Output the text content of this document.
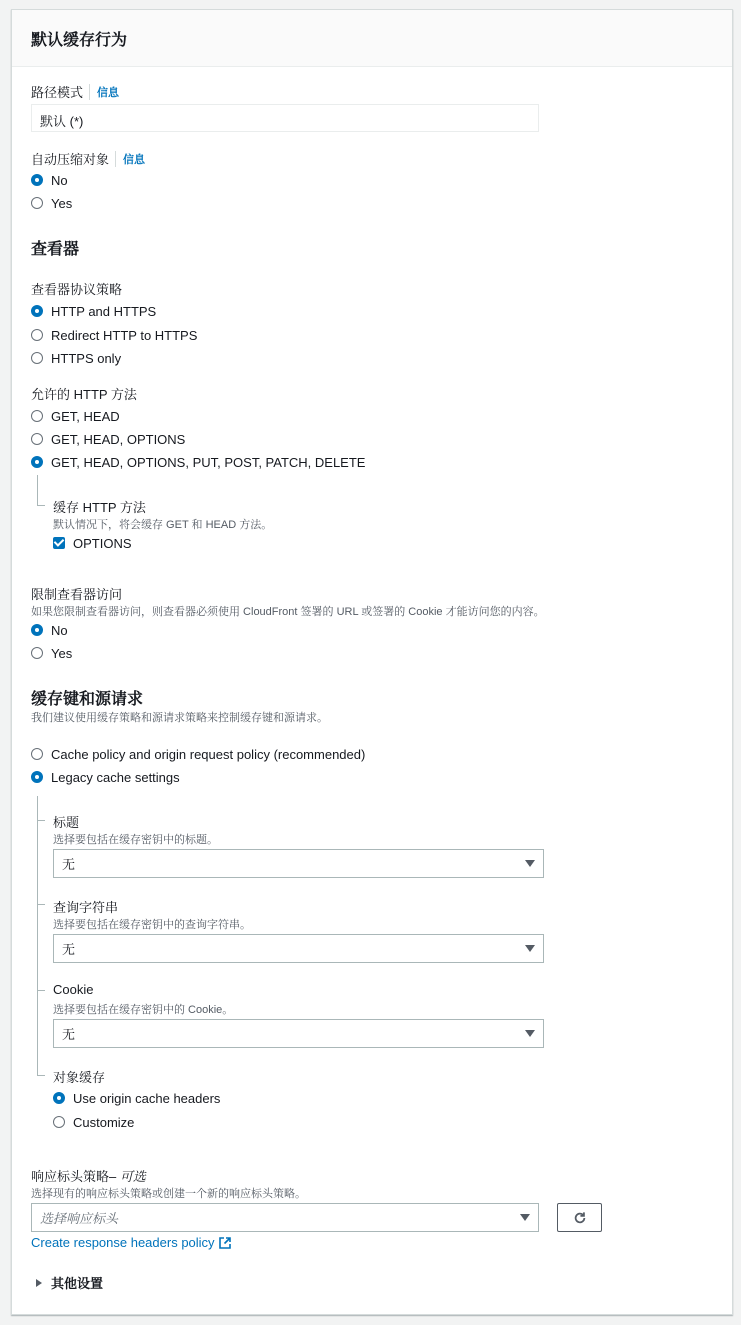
默认缓存行为
路径模式	信息
默认 (*)
自动压缩对象	信息
No
Yes
查看器
查看器协议策略
HTTP and HTTPS
Redirect HTTP to HTTPS
HTTPS only
允许的 HTTP 方法
GET, HEAD
GET, HEAD, OPTIONS
GET, HEAD, OPTIONS, PUT, POST, PATCH, DELETE
缓存 HTTP 方法
默认情况下，将会缓存 GET 和 HEAD 方法。
OPTIONS
限制查看器访问
如果您限制查看器访问，则查看器必须使用 CloudFront 签署的 URL 或签署的 Cookie 才能访问您的内容。
No
Yes
缓存键和源请求
我们建议使用缓存策略和源请求策略来控制缓存键和源请求。
Cache policy and origin request policy (recommended)
Legacy cache settings
标题
选择要包括在缓存密钥中的标题。
无
查询字符串
选择要包括在缓存密钥中的查询字符串。
无
Cookie
选择要包括在缓存密钥中的 Cookie。
无
对象缓存
Use origin cache headers
Customize
响应标头策略 – 可选
选择现有的响应标头策略或创建一个新的响应标头策略。
选择响应标头
Create response headers policy
其他设置
